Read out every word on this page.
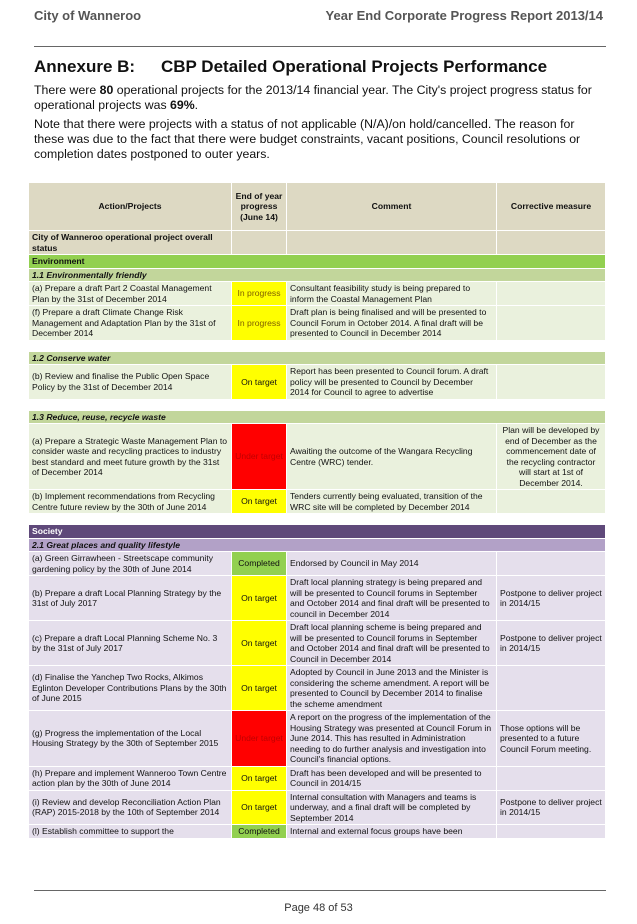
City of Wanneroo	Year End Corporate Progress Report 2013/14
Annexure B: CBP Detailed Operational Projects Performance

There were 80 operational projects for the 2013/14 financial year. The City's project progress status for operational projects was 69%.

Note that there were projects with a status of not applicable (N/A)/on hold/cancelled. The reason for these was due to the fact that there were budget constraints, vacant positions, Council resolutions or completion dates postponed to outer years.

Action/Projects	End of year progress (June 14)	Comment	Corrective measure
City of Wanneroo operational project overall status			
Environment			
1.1 Environmentally friendly			
(a) Prepare a draft Part 2 Coastal Management Plan by the 31st of December 2014	In progress	Consultant feasibility study is being prepared to inform the Coastal Management Plan	
(f) Prepare a draft Climate Change Risk Management and Adaptation Plan by the 31st of December 2014	In progress	Draft plan is being finalised and will be presented to Council Forum in October 2014. A final draft will be presented to Council in December 2014	

1.2 Conserve water			
(b) Review and finalise the Public Open Space Policy by the 31st of December 2014	On target	Report has been presented to Council forum. A draft policy will be presented to Council by December 2014 for Council to agree to advertise	

1.3 Reduce, reuse, recycle waste			
(a) Prepare a Strategic Waste Management Plan to consider waste and recycling practices to industry best standard and meet future growth by the 31st of December 2014	Under target	Awaiting the outcome of the Wangara Recycling Centre (WRC) tender.	Plan will be developed by end of December as the commencement date of the recycling contractor will start at 1st of December 2014.
(b) Implement recommendations from Recycling Centre future review by the 30th of June 2014	On target	Tenders currently being evaluated, transition of the WRC site will be completed by December 2014	

Society			
2.1 Great places and quality lifestyle			
(a) Green Girrawheen - Streetscape community gardening policy by the 30th of June 2014	Completed	Endorsed by Council in May 2014	
(b) Prepare a draft Local Planning Strategy by the 31st of July 2017	On target	Draft local planning strategy is being prepared and will be presented to Council forums in September and October 2014 and final draft will be presented to council in December 2014	Postpone to deliver project in 2014/15
(c) Prepare a draft Local Planning Scheme No. 3 by the 31st of July 2017	On target	Draft local planning scheme is being prepared and will be presented to Council forums in September and October 2014 and final draft will be presented to Council in December 2014	Postpone to deliver project in 2014/15
(d) Finalise the Yanchep Two Rocks, Alkimos Eglinton Developer Contributions Plans by the 30th of June 2015	On target	Adopted by Council in June 2013 and the Minister is considering the scheme amendment. A report will be presented to Council by December 2014 to finalise the scheme amendment	
(g) Progress the implementation of the Local Housing Strategy by the 30th of September 2015	Under target	A report on the progress of the implementation of the Housing Strategy was presented at Council Forum in June 2014. This has resulted in Administration needing to do further analysis and investigation into Council's financial options.	Those options will be presented to a future Council Forum meeting.
(h) Prepare and implement Wanneroo Town Centre action plan by the 30th of June 2014	On target	Draft has been developed and will be presented to Council in 2014/15	
(i) Review and develop Reconciliation Action Plan (RAP) 2015-2018 by the 10th of September 2014	On target	Internal consultation with Managers and teams is underway, and a final draft will be completed by September 2014	Postpone to deliver project in 2014/15
(l) Establish committee to support the	Completed	Internal and external focus groups have been	
Page 48 of 53
